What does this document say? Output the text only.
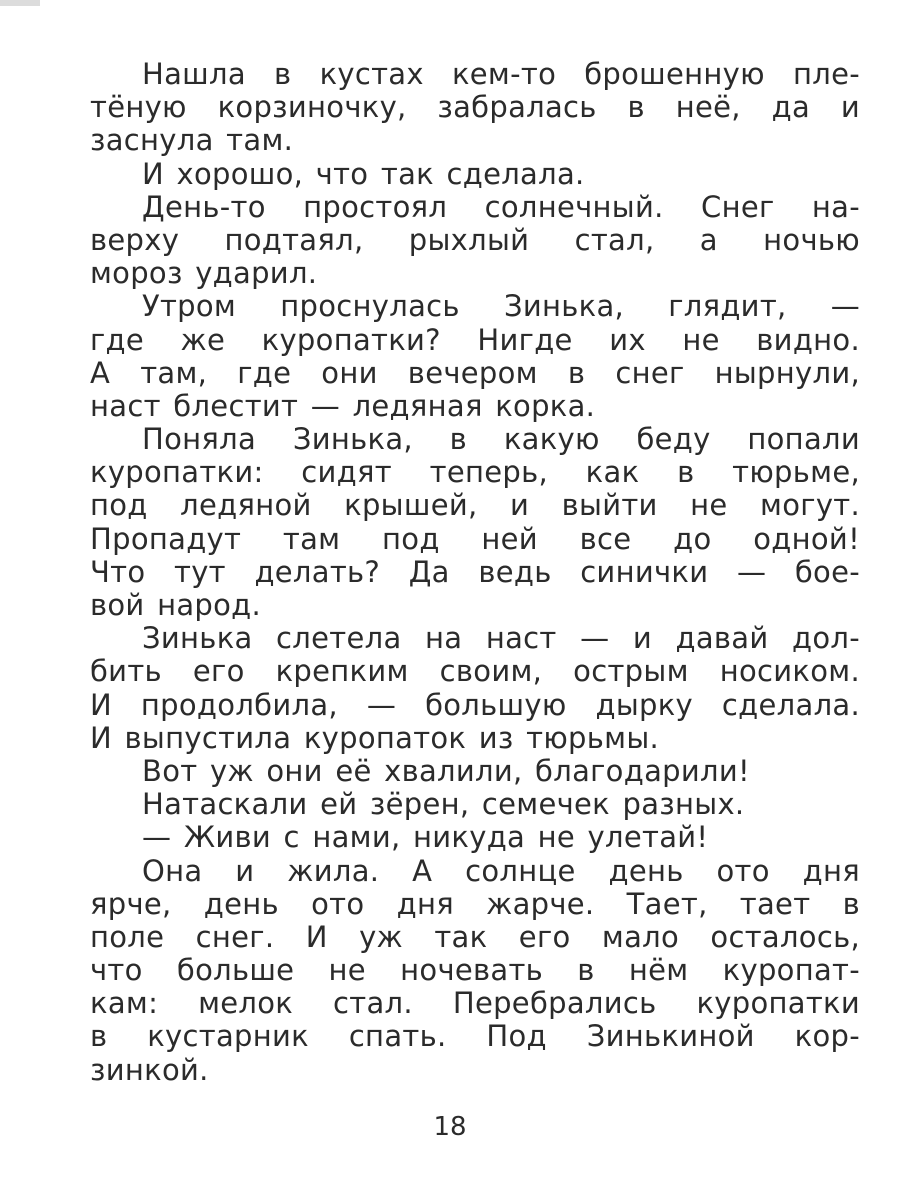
Нашла в кустах кем-то брошенную пле-
тёную корзиночку, забралась в неё, да и
заснула там.
И хорошо, что так сделала.
День-то простоял солнечный. Снег на-
верху подтаял, рыхлый стал, а ночью
мороз ударил.
Утром проснулась Зинька, глядит, —
где же куропатки? Нигде их не видно.
А там, где они вечером в снег нырнули,
наст блестит — ледяная корка.
Поняла Зинька, в какую беду попали
куропатки: сидят теперь, как в тюрьме,
под ледяной крышей, и выйти не могут.
Пропадут там под ней все до одной!
Что тут делать? Да ведь синички — бое-
вой народ.
Зинька слетела на наст — и давай дол-
бить его крепким своим, острым носиком.
И продолбила, — большую дырку сделала.
И выпустила куропаток из тюрьмы.
Вот уж они её хвалили, благодарили!
Натаскали ей зёрен, семечек разных.
— Живи с нами, никуда не улетай!
Она и жила. А солнце день ото дня
ярче, день ото дня жарче. Тает, тает в
поле снег. И уж так его мало осталось,
что больше не ночевать в нём куропат-
кам: мелок стал. Перебрались куропатки
в кустарник спать. Под Зинькиной кор-
зинкой.
18
